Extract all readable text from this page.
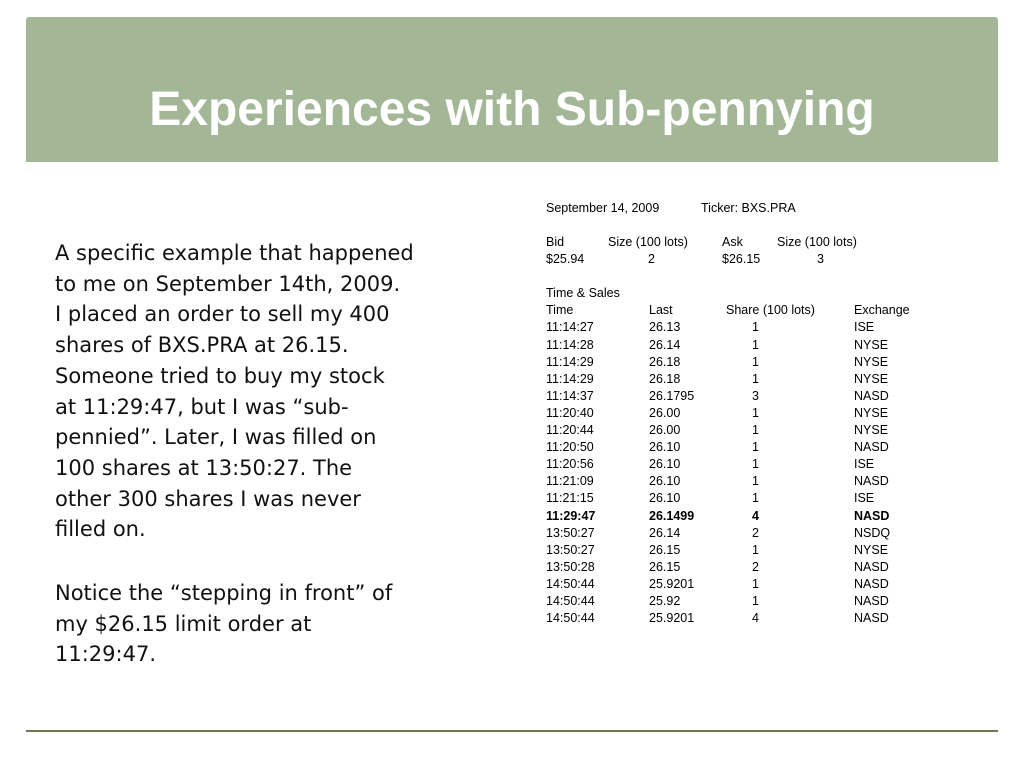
Experiences with Sub-pennying

A specific example that happened
to me on September 14th, 2009.
I placed an order to sell my 400
shares of BXS.PRA at 26.15.
Someone tried to buy my stock
at 11:29:47, but I was “sub-
pennied”. Later, I was filled on
100 shares at 13:50:27. The
other 300 shares I was never
filled on.

Notice the “stepping in front” of
my $26.15 limit order at
11:29:47.

September 14, 2009	Ticker: BXS.PRA
Bid	Size (100 lots)	Ask	Size (100 lots)
$25.94	2	$26.15	3
Time & Sales
Time	Last	Share (100 lots)	Exchange
11:14:27	26.13	1	ISE
11:14:28	26.14	1	NYSE
11:14:29	26.18	1	NYSE
11:14:29	26.18	1	NYSE
11:14:37	26.1795	3	NASD
11:20:40	26.00	1	NYSE
11:20:44	26.00	1	NYSE
11:20:50	26.10	1	NASD
11:20:56	26.10	1	ISE
11:21:09	26.10	1	NASD
11:21:15	26.10	1	ISE
11:29:47	26.1499	4	NASD
13:50:27	26.14	2	NSDQ
13:50:27	26.15	1	NYSE
13:50:28	26.15	2	NASD
14:50:44	25.9201	1	NASD
14:50:44	25.92	1	NASD
14:50:44	25.9201	4	NASD
